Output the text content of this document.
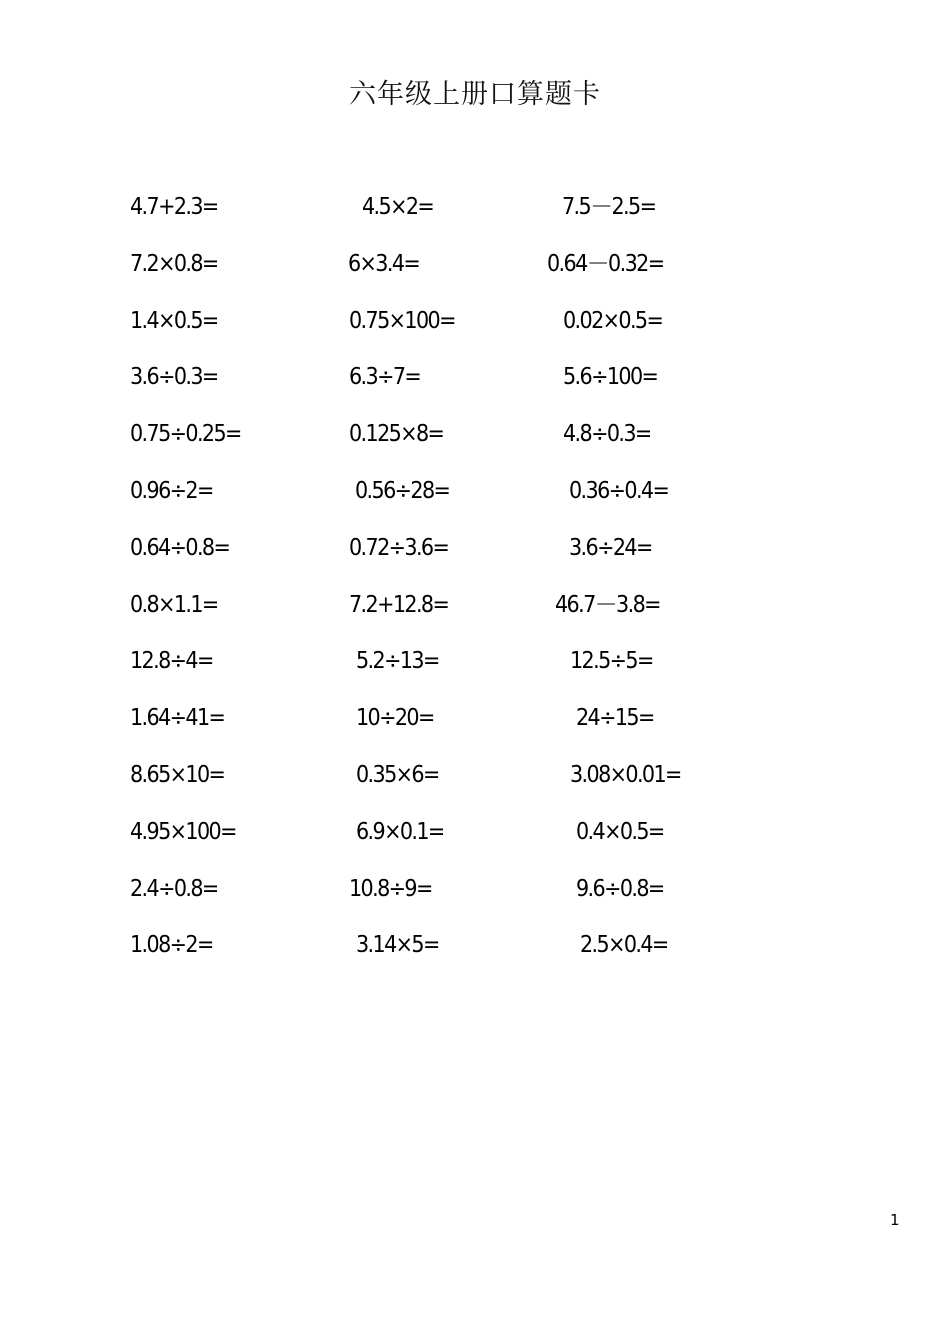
六年级上册口算题卡
4.7+2.3=	4.5×2=	7.5－2.5=
7.2×0.8=	6×3.4=	0.64－0.32=
1.4×0.5=	0.75×100=	0.02×0.5=
3.6÷0.3=	6.3÷7=	5.6÷100=
0.75÷0.25=	0.125×8=	4.8÷0.3=
0.96÷2=	0.56÷28=	0.36÷0.4=
0.64÷0.8=	0.72÷3.6=	3.6÷24=
0.8×1.1=	7.2+12.8=	46.7－3.8=
12.8÷4=	5.2÷13=	12.5÷5=
1.64÷41=	10÷20=	24÷15=
8.65×10=	0.35×6=	3.08×0.01=
4.95×100=	6.9×0.1=	0.4×0.5=
2.4÷0.8=	10.8÷9=	9.6÷0.8=
1.08÷2=	3.14×5=	2.5×0.4=
1
